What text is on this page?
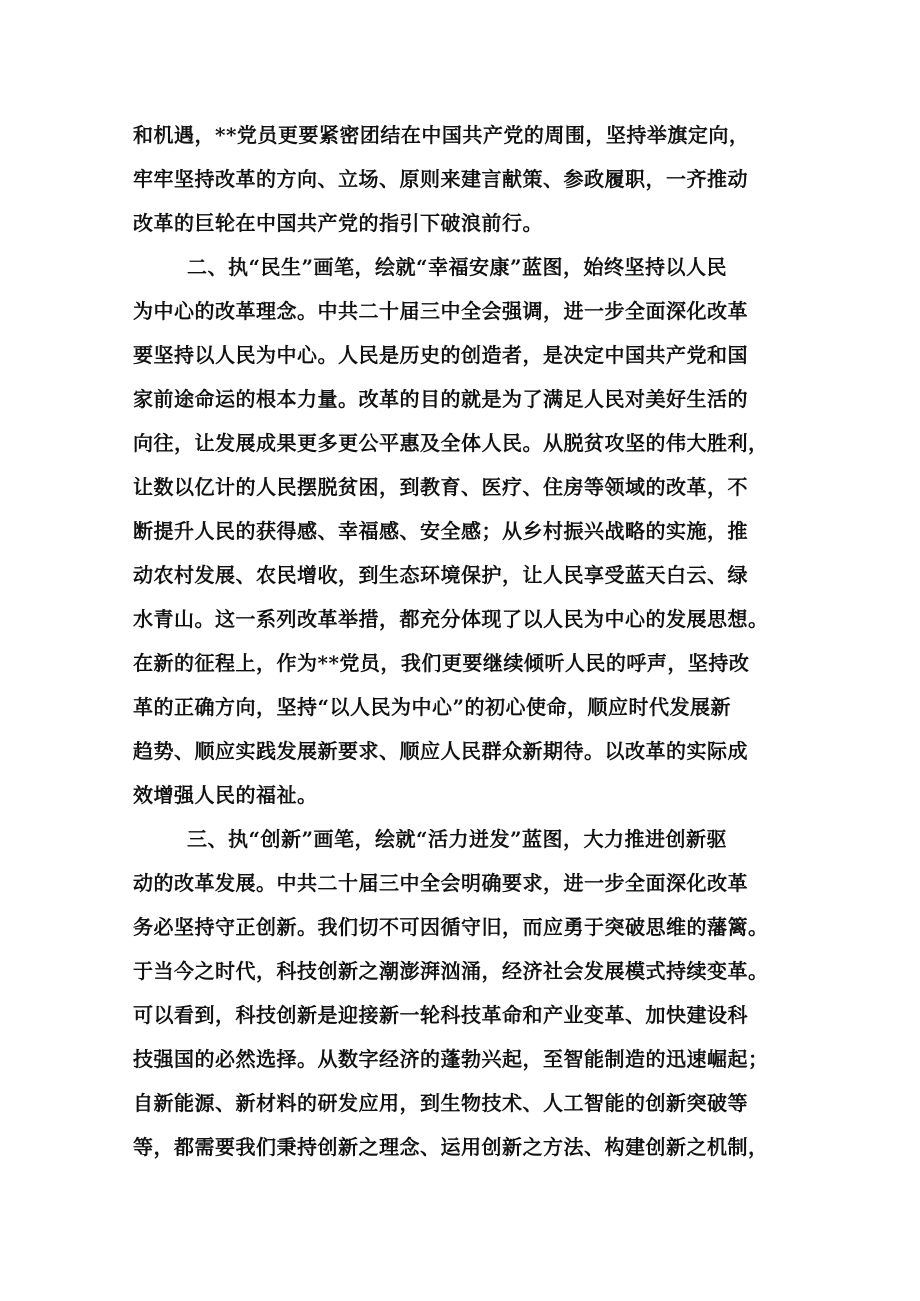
和机遇，**党员更要紧密团结在中国共产党的周围，坚持举旗定向，
牢牢坚持改革的方向、立场、原则来建言献策、参政履职，一齐推动
改革的巨轮在中国共产党的指引下破浪前行。
二、执“民生”画笔，绘就“幸福安康”蓝图，始终坚持以人民
为中心的改革理念。中共二十届三中全会强调，进一步全面深化改革
要坚持以人民为中心。人民是历史的创造者，是决定中国共产党和国
家前途命运的根本力量。改革的目的就是为了满足人民对美好生活的
向往，让发展成果更多更公平惠及全体人民。从脱贫攻坚的伟大胜利，
让数以亿计的人民摆脱贫困，到教育、医疗、住房等领域的改革，不
断提升人民的获得感、幸福感、安全感；从乡村振兴战略的实施，推
动农村发展、农民增收，到生态环境保护，让人民享受蓝天白云、绿
水青山。这一系列改革举措，都充分体现了以人民为中心的发展思想。
在新的征程上，作为**党员，我们更要继续倾听人民的呼声，坚持改
革的正确方向，坚持“以人民为中心”的初心使命，顺应时代发展新
趋势、顺应实践发展新要求、顺应人民群众新期待。以改革的实际成
效增强人民的福祉。
三、执“创新”画笔，绘就“活力迸发”蓝图，大力推进创新驱
动的改革发展。中共二十届三中全会明确要求，进一步全面深化改革
务必坚持守正创新。我们切不可因循守旧，而应勇于突破思维的藩篱。
于当今之时代，科技创新之潮澎湃汹涌，经济社会发展模式持续变革。
可以看到，科技创新是迎接新一轮科技革命和产业变革、加快建设科
技强国的必然选择。从数字经济的蓬勃兴起，至智能制造的迅速崛起；
自新能源、新材料的研发应用，到生物技术、人工智能的创新突破等
等，都需要我们秉持创新之理念、运用创新之方法、构建创新之机制，
